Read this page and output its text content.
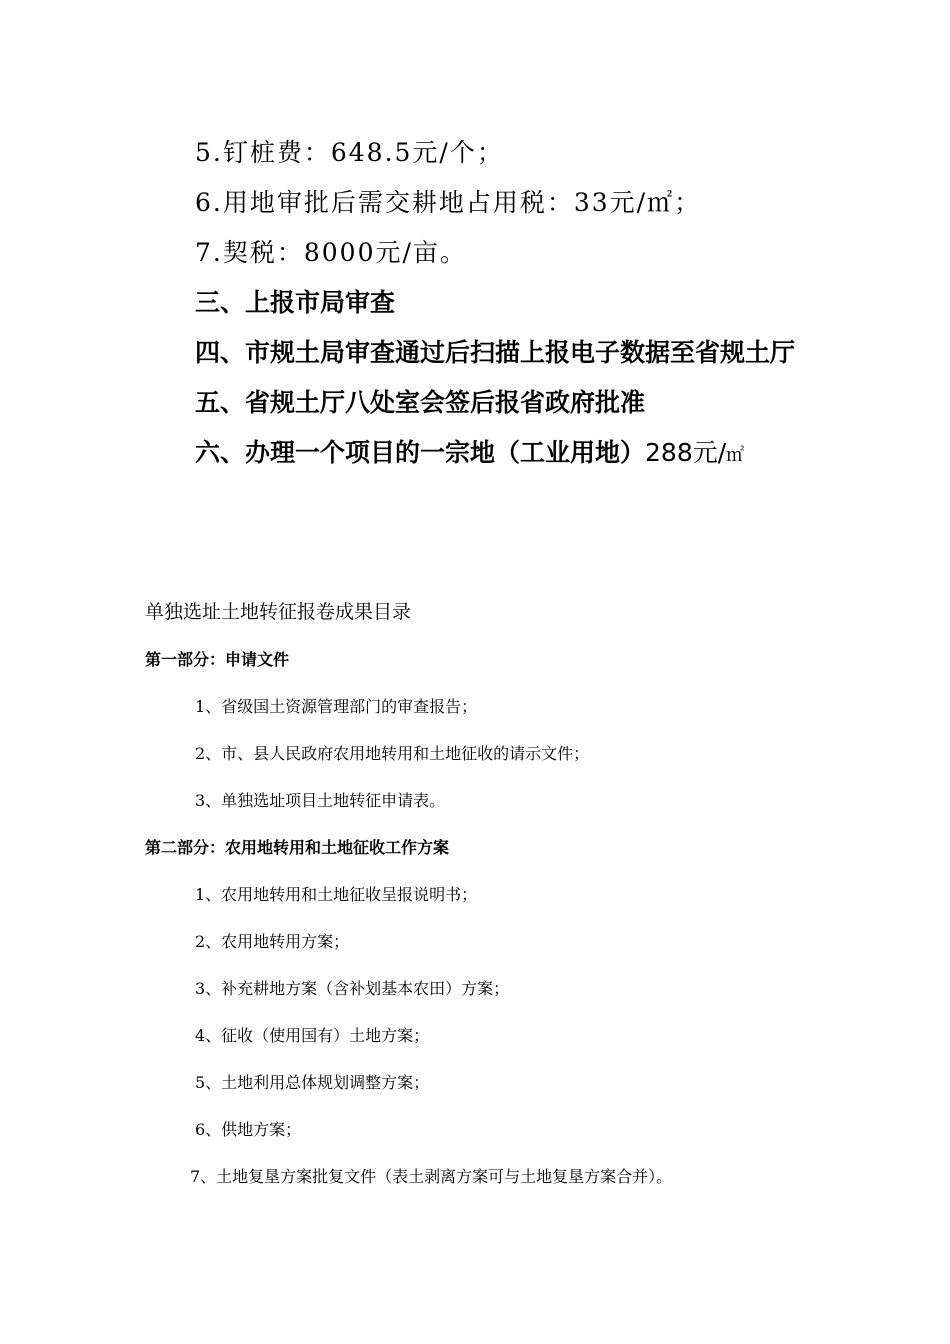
5.钉桩费：648.5元/个；
6.用地审批后需交耕地占用税：33元/㎡；
7.契税：8000元/亩。
三、上报市局审查
四、市规土局审查通过后扫描上报电子数据至省规土厅
五、省规土厅八处室会签后报省政府批准
六、办理一个项目的一宗地（工业用地）288元/㎡
单独选址土地转征报卷成果目录
第一部分：申请文件
1、省级国土资源管理部门的审查报告；
2、市、县人民政府农用地转用和土地征收的请示文件；
3、单独选址项目土地转征申请表。
第二部分：农用地转用和土地征收工作方案
1、农用地转用和土地征收呈报说明书；
2、农用地转用方案；
3、补充耕地方案（含补划基本农田）方案；
4、征收（使用国有）土地方案；
5、土地利用总体规划调整方案；
6、供地方案；
7、土地复垦方案批复文件（表土剥离方案可与土地复垦方案合并）。
